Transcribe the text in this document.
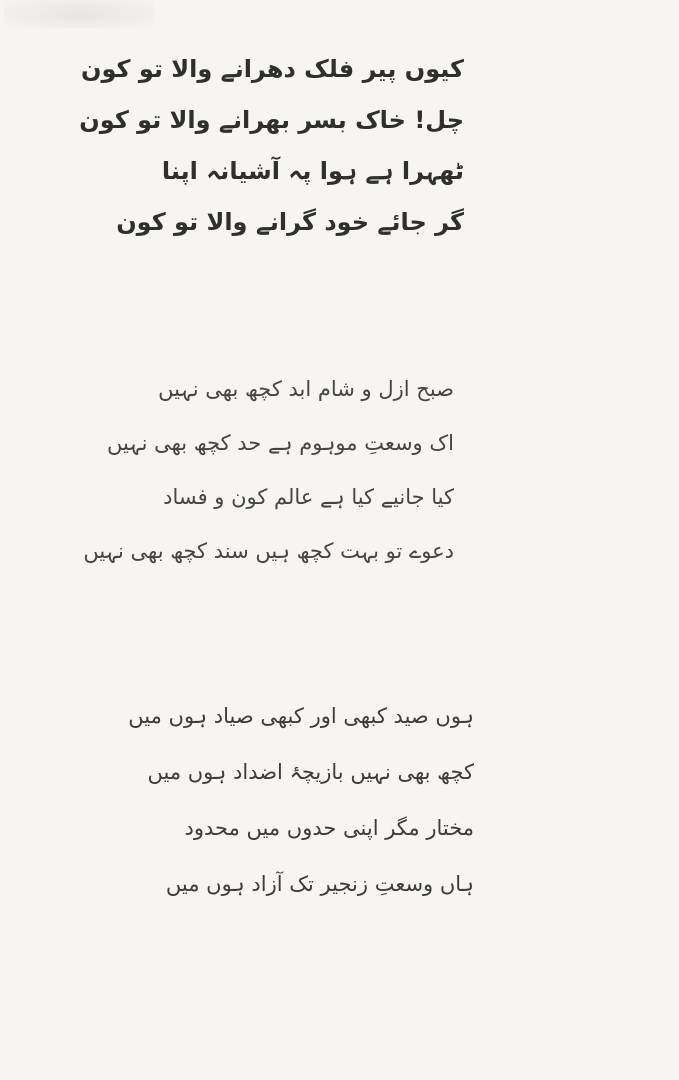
کیوں پیر فلک دھرانے والا تو کون
چل! خاک بسر بھرانے والا تو کون
ٹھہرا ہے ہوا پہ آشیانہ اپنا
گر جائے خود گرانے والا تو کون
صبح ازل و شام ابد کچھ بھی نہیں
اک وسعتِ موہوم ہے حد کچھ بھی نہیں
کیا جانیے کیا ہے عالم کون و فساد
دعوے تو بہت کچھ ہیں سند کچھ بھی نہیں
ہوں صید کبھی اور کبھی صیاد ہوں میں
کچھ بھی نہیں بازیچۂ اضداد ہوں میں
مختار مگر اپنی حدوں میں محدود
ہاں وسعتِ زنجیر تک آزاد ہوں میں
